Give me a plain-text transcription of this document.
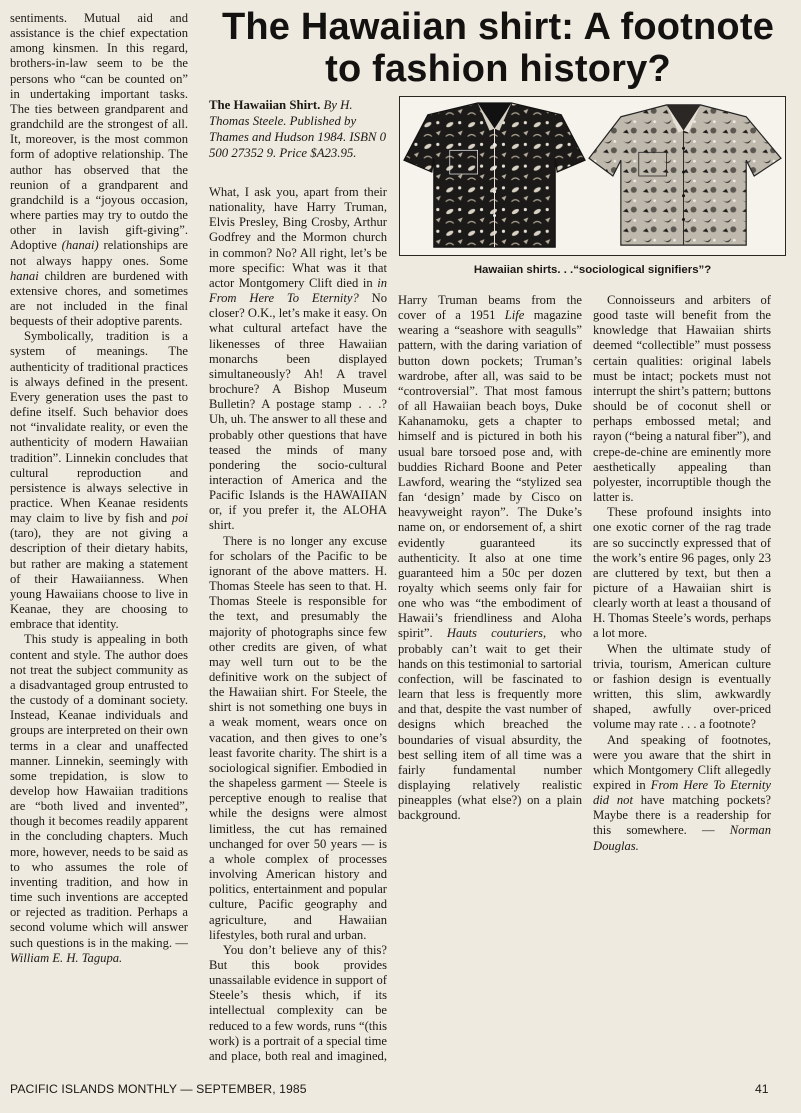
sentiments. Mutual aid and assistance is the chief expectation among kinsmen. In this regard, brothers-in-law seem to be the persons who “can be counted on” in undertaking important tasks. The ties between grandparent and grandchild are the strongest of all. It, moreover, is the most common form of adoptive relationship. The author has observed that the reunion of a grandparent and grandchild is a “joyous occasion, where parties may try to outdo the other in lavish gift-giving”. Adoptive (hanai) relationships are not always happy ones. Some hanai children are burdened with extensive chores, and sometimes are not included in the final bequests of their adoptive parents.

Symbolically, tradition is a system of meanings. The authenticity of traditional practices is always defined in the present. Every generation uses the past to define itself. Such behavior does not “invalidate reality, or even the authenticity of modern Hawaiian tradition”. Linnekin concludes that cultural reproduction and persistence is always selective in practice. When Keanae residents may claim to live by fish and poi (taro), they are not giving a description of their dietary habits, but rather are making a statement of their Hawaiianness. When young Hawaiians choose to live in Keanae, they are choosing to embrace that identity.

This study is appealing in both content and style. The author does not treat the subject community as a disadvantaged group entrusted to the custody of a dominant society. Instead, Keanae individuals and groups are interpreted on their own terms in a clear and unaffected manner. Linnekin, seemingly with some trepidation, is slow to develop how Hawaiian traditions are “both lived and invented”, though it becomes readily apparent in the concluding chapters. Much more, however, needs to be said as to who assumes the role of inventing tradition, and how in time such inventions are accepted or rejected as tradition. Perhaps a second volume which will answer such questions is in the making. — William E. H. Tagupa.

The Hawaiian shirt: A footnote to fashion history?

The Hawaiian Shirt. By H. Thomas Steele. Published by Thames and Hudson 1984. ISBN 0 500 27352 9. Price $A23.95.

What, I ask you, apart from their nationality, have Harry Truman, Elvis Presley, Bing Crosby, Arthur Godfrey and the Mormon church in common? No? All right, let’s be more specific: What was it that actor Montgomery Clift died in in From Here To Eternity? No closer? O.K., let’s make it easy. On what cultural artefact have the likenesses of three Hawaiian monarchs been displayed simultaneously? Ah! A travel brochure? A Bishop Museum Bulletin? A postage stamp . . .? Uh, uh. The answer to all these and probably other questions that have teased the minds of many pondering the socio-cultural interaction of America and the Pacific Islands is the HAWAIIAN or, if you prefer it, the ALOHA shirt.

There is no longer any excuse for scholars of the Pacific to be ignorant of the above matters. H. Thomas Steele has seen to that. H. Thomas Steele is responsible for the text, and presumably the majority of photographs since few other credits are given, of what may well turn out to be the definitive work on the subject of the Hawaiian shirt. For Steele, the shirt is not something one buys in a weak moment, wears once on vacation, and then gives to one’s least favorite charity. The shirt is a sociological signifier. Embodied in the shapeless garment — Steele is perceptive enough to realise that while the designs were almost limitless, the cut has remained unchanged for over 50 years — is a whole complex of processes involving American history and politics, entertainment and popular culture, Pacific geography and agriculture, and Hawaiian lifestyles, both rural and urban.

You don’t believe any of this? But this book provides unassailable evidence in support of Steele’s thesis which, if its intellectual complexity can be reduced to a few words, runs “(this work) is a portrait of a special time and place, both real and imagined,

Hawaiian shirts. . .“sociological signifiers”?

Harry Truman beams from the cover of a 1951 Life magazine wearing a “seashore with seagulls” pattern, with the daring variation of button down pockets; Truman’s wardrobe, after all, was said to be “controversial”. That most famous of all Hawaiian beach boys, Duke Kahanamoku, gets a chapter to himself and is pictured in both his usual bare torsoed pose and, with buddies Richard Boone and Peter Lawford, wearing the “stylized sea fan ‘design’ made by Cisco on heavyweight rayon”. The Duke’s name on, or endorsement of, a shirt evidently guaranteed its authenticity. It also at one time guaranteed him a 50c per dozen royalty which seems only fair for one who was “the embodiment of Hawaii’s friendliness and Aloha spirit”. Hauts couturiers, who probably can’t wait to get their hands on this testimonial to sartorial confection, will be fascinated to learn that less is frequently more and that, despite the vast number of designs which breached the boundaries of visual absurdity, the best selling item of all time was a fairly fundamental number displaying relatively realistic pineapples (what else?) on a plain background.

Connoisseurs and arbiters of good taste will benefit from the knowledge that Hawaiian shirts deemed “collectible” must possess certain qualities: original labels must be intact; pockets must not interrupt the shirt’s pattern; buttons should be of coconut shell or perhaps embossed metal; and rayon (“being a natural fiber”), and crepe-de-chine are eminently more aesthetically appealing than polyester, incorruptible though the latter is.

These profound insights into one exotic corner of the rag trade are so succinctly expressed that of the work’s entire 96 pages, only 23 are cluttered by text, but then a picture of a Hawaiian shirt is clearly worth at least a thousand of H. Thomas Steele’s words, perhaps a lot more.

When the ultimate study of trivia, tourism, American culture or fashion design is eventually written, this slim, awkwardly shaped, awfully over-priced volume may rate . . . a footnote?

And speaking of footnotes, were you aware that the shirt in which Montgomery Clift allegedly expired in From Here To Eternity did not have matching pockets? Maybe there is a readership for this somewhere. — Norman Douglas.

PACIFIC ISLANDS MONTHLY — SEPTEMBER, 1985	41
